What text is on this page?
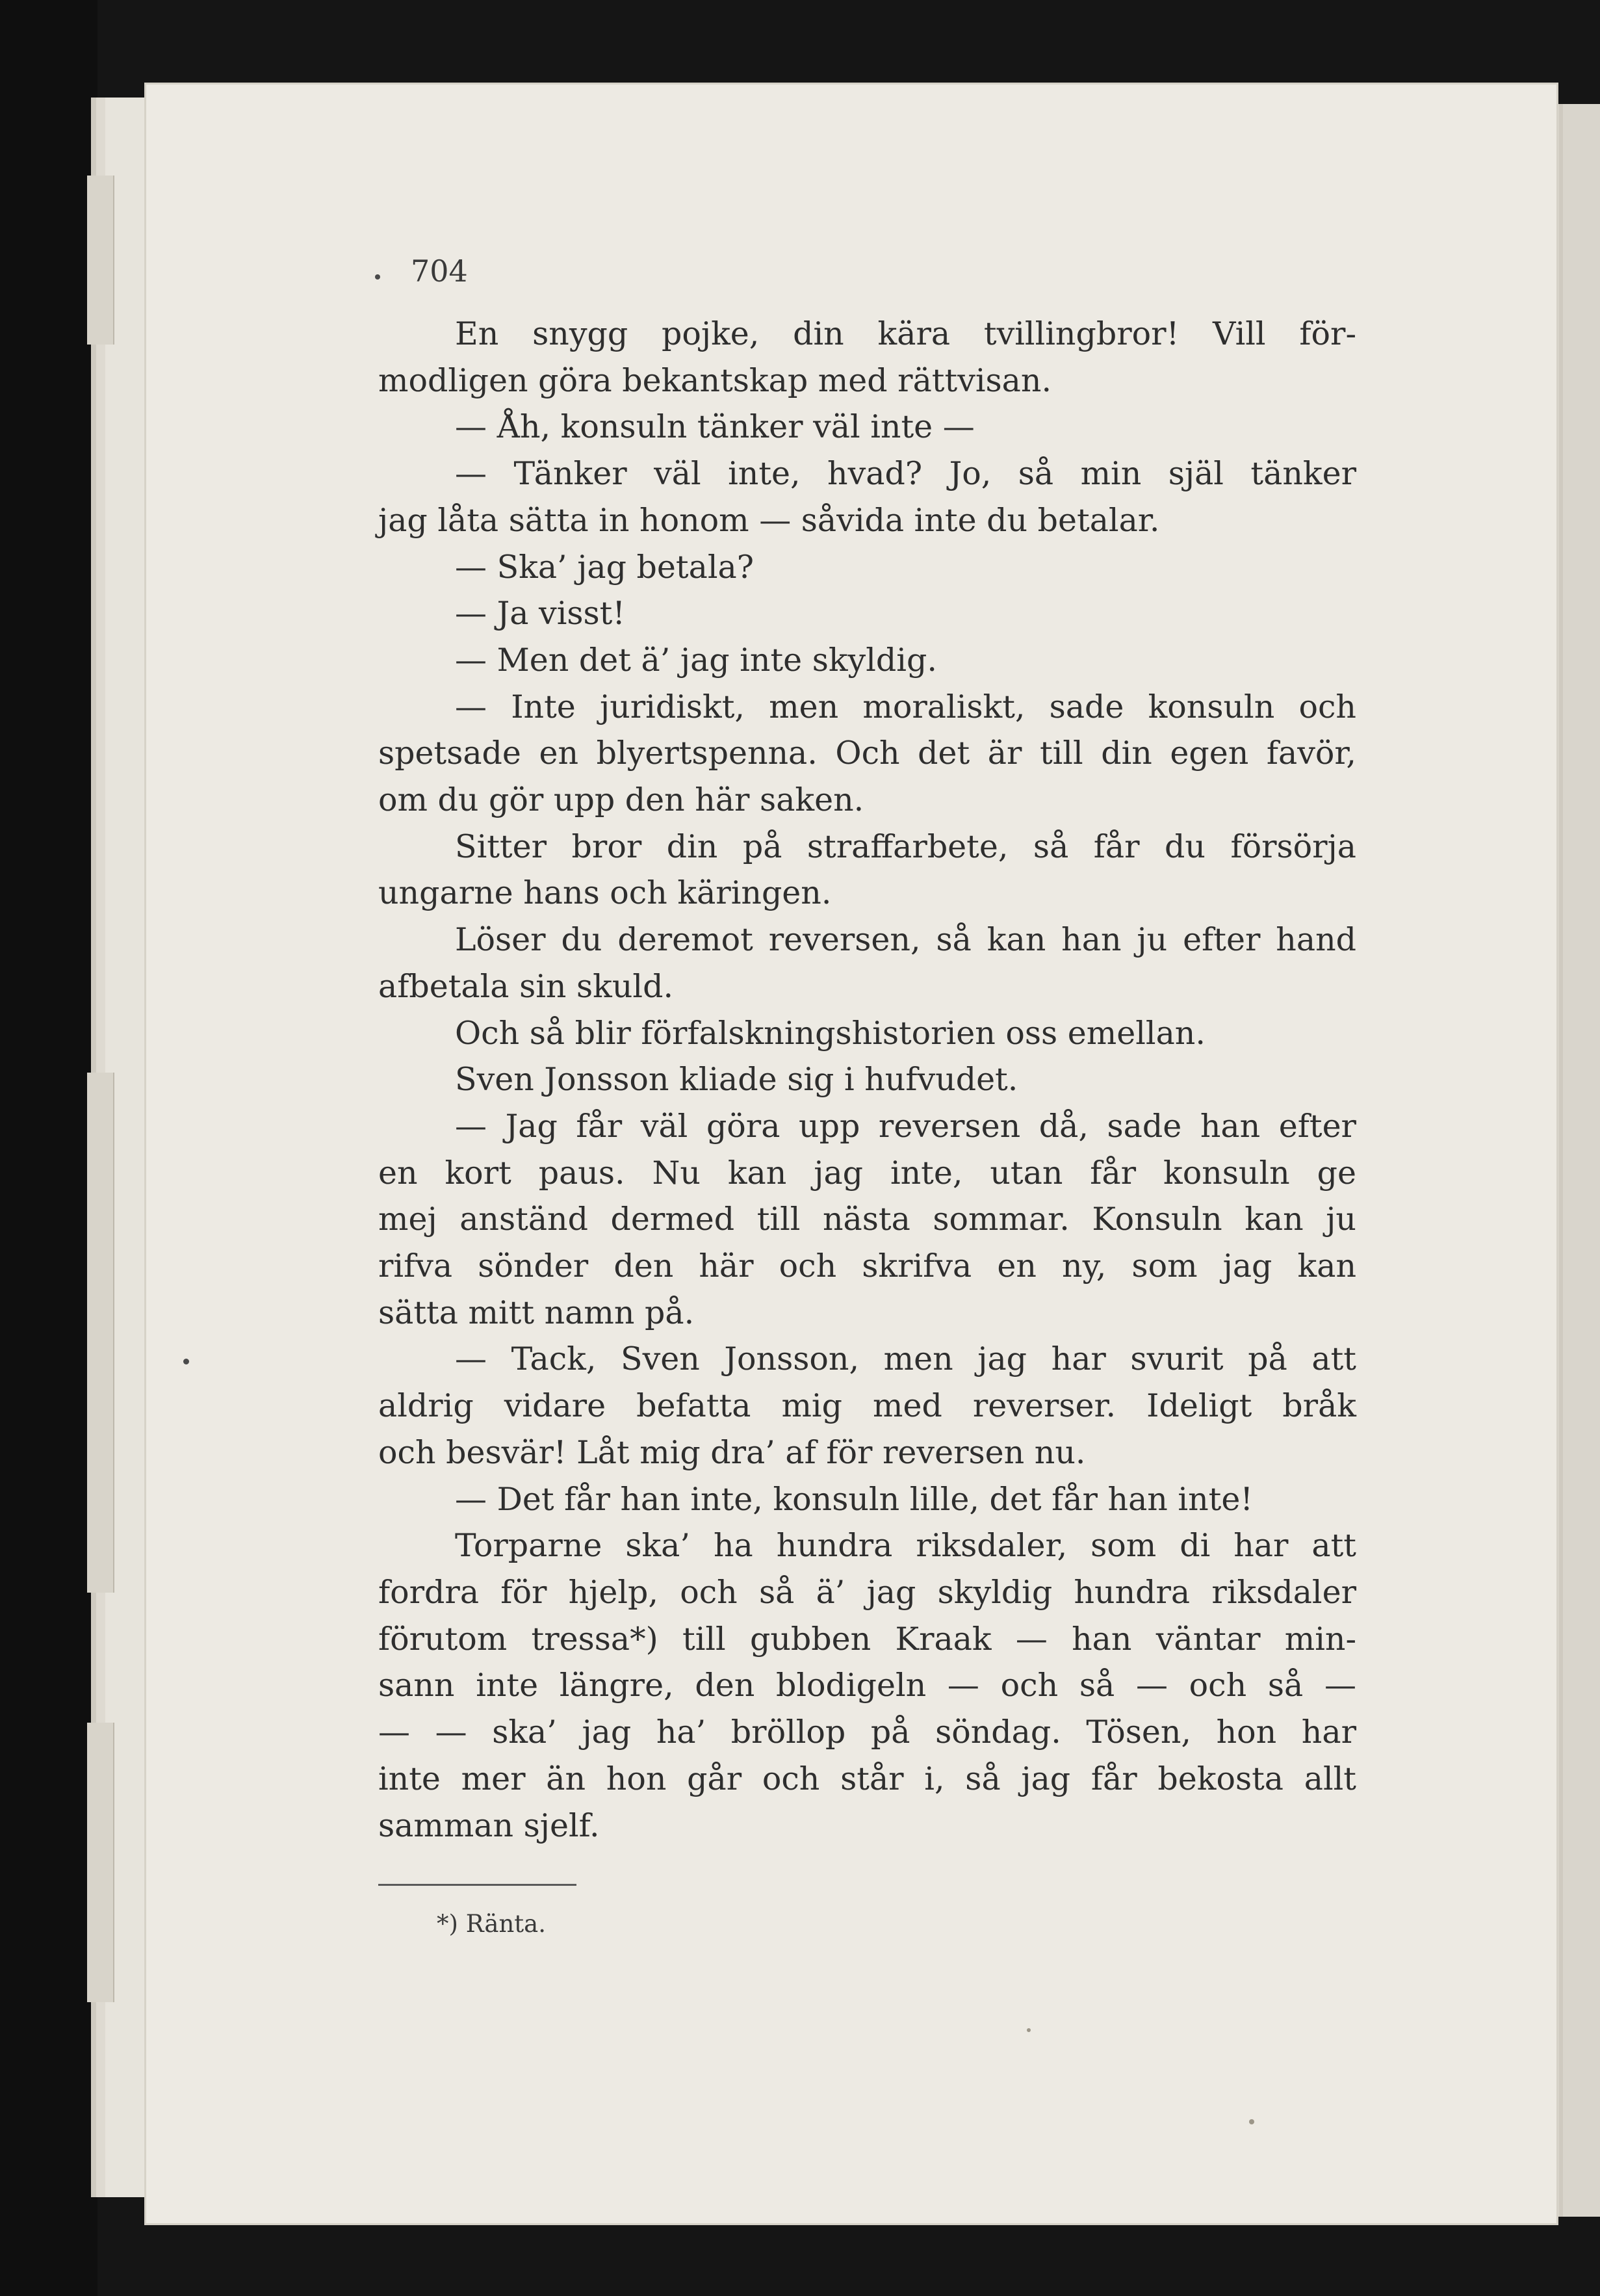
704
En snygg pojke, din kära tvillingbror! Vill för-
modligen göra bekantskap med rättvisan.
— Åh, konsuln tänker väl inte —
— Tänker väl inte, hvad? Jo, så min själ tänker
jag låta sätta in honom — såvida inte du betalar.
— Ska’ jag betala?
— Ja visst!
— Men det ä’ jag inte skyldig.
— Inte juridiskt, men moraliskt, sade konsuln och
spetsade en blyertspenna. Och det är till din egen favör,
om du gör upp den här saken.
Sitter bror din på straffarbete, så får du försörja
ungarne hans och käringen.
Löser du deremot reversen, så kan han ju efter hand
afbetala sin skuld.
Och så blir förfalskningshistorien oss emellan.
Sven Jonsson kliade sig i hufvudet.
— Jag får väl göra upp reversen då, sade han efter
en kort paus. Nu kan jag inte, utan får konsuln ge
mej anständ dermed till nästa sommar. Konsuln kan ju
rifva sönder den här och skrifva en ny, som jag kan
sätta mitt namn på.
— Tack, Sven Jonsson, men jag har svurit på att
aldrig vidare befatta mig med reverser. Ideligt bråk
och besvär! Låt mig dra’ af för reversen nu.
— Det får han inte, konsuln lille, det får han inte!
Torparne ska’ ha hundra riksdaler, som di har att
fordra för hjelp, och så ä’ jag skyldig hundra riksdaler
förutom tressa*) till gubben Kraak — han väntar min-
sann inte längre, den blodigeln — och så — och så —
— — ska’ jag ha’ bröllop på söndag. Tösen, hon har
inte mer än hon går och står i, så jag får bekosta allt
samman sjelf.
*) Ränta.
